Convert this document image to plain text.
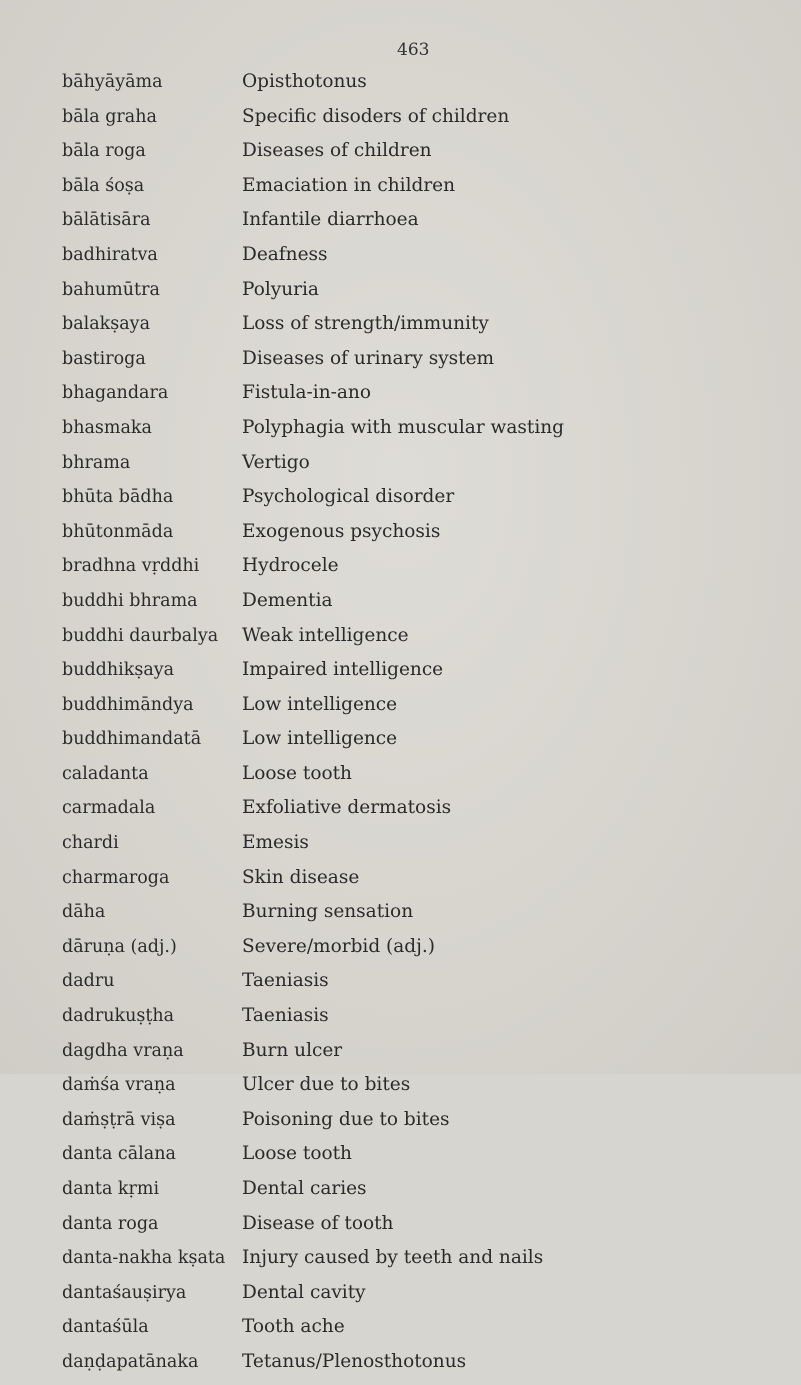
463
bāhyāyāma
bāla graha
bāla roga
bāla śoṣa
bālātisāra
badhiratva
bahumūtra
balakṣaya
bastiroga
bhagandara
bhasmaka
bhrama
bhūta bādha
bhūtonmāda
bradhna vṛddhi
buddhi bhrama
buddhi daurbalya
buddhikṣaya
buddhimāndya
buddhimandatā
caladanta
carmadala
chardi
charmaroga
dāha
dāruṇa (adj.)
dadru
dadrukuṣṭha
dagdha vraṇa
daṁśa vraṇa
daṁṣṭrā viṣa
danta cālana
danta kṛmi
danta roga
danta-nakha kṣata
dantaśauṣirya
dantaśūla
daṇḍapatānaka
Opisthotonus
Specific disoders of children
Diseases of children
Emaciation in children
Infantile diarrhoea
Deafness
Polyuria
Loss of strength/immunity
Diseases of urinary system
Fistula-in-ano
Polyphagia with muscular wasting
Vertigo
Psychological disorder
Exogenous psychosis
Hydrocele
Dementia
Weak intelligence
Impaired intelligence
Low intelligence
Low intelligence
Loose tooth
Exfoliative dermatosis
Emesis
Skin disease
Burning sensation
Severe/morbid (adj.)
Taeniasis
Taeniasis
Burn ulcer
Ulcer due to bites
Poisoning due to bites
Loose tooth
Dental caries
Disease of tooth
Injury caused by teeth and nails
Dental cavity
Tooth ache
Tetanus/Plenosthotonus
